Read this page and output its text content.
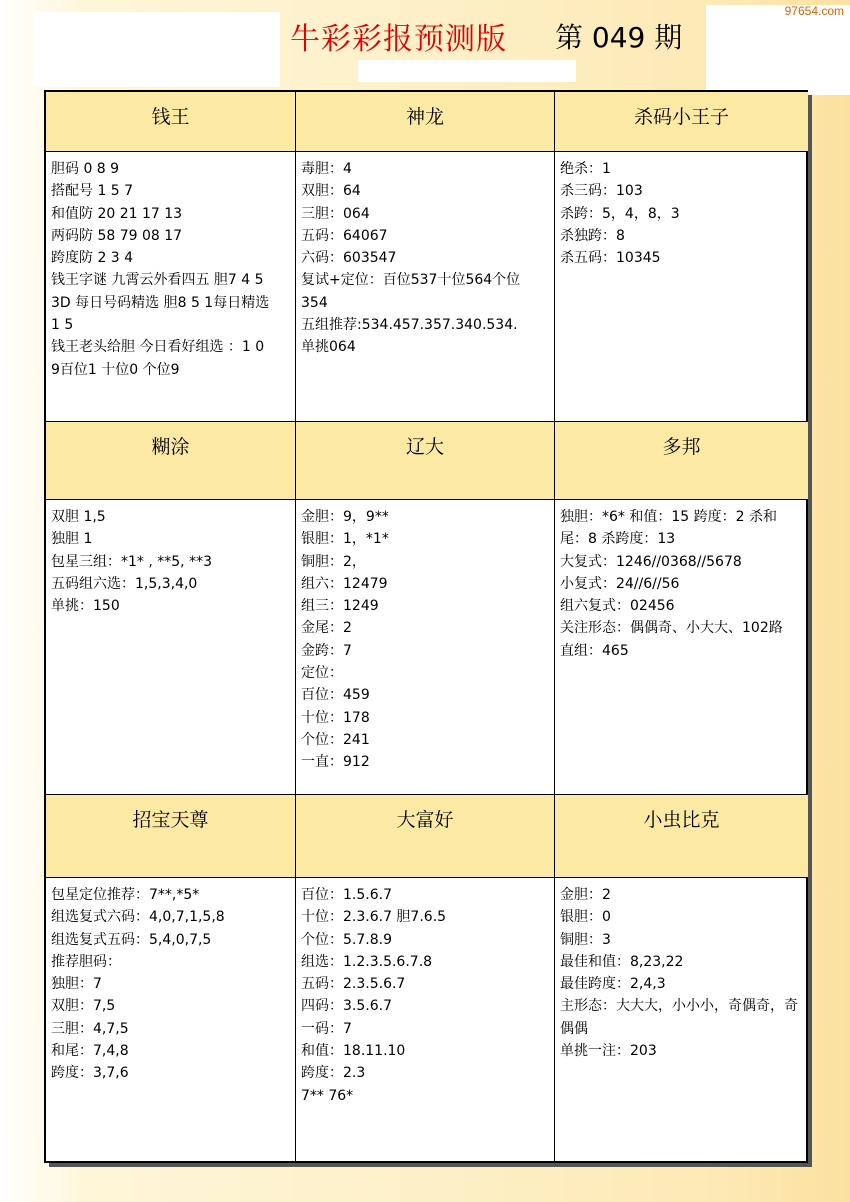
牛彩彩报预测版 第 049 期
97654.com
钱王
胆码 0 8 9
搭配号 1 5 7
和值防 20 21 17 13
两码防 58 79 08 17
跨度防 2 3 4
钱王字谜 九霄云外看四五 胆7 4 5
3D 每日号码精选 胆8 5 1每日精选
1 5
钱王老头给胆 今日看好组选 ：1 0
9百位1 十位0 个位9
神龙
毒胆：4
双胆：64
三胆：064
五码：64067
六码：603547
复试+定位：百位537十位564个位
354
五组推荐:534.457.357.340.534.
单挑064
杀码小王子
绝杀：1
杀三码：103
杀跨：5，4，8，3
杀独跨：8
杀五码：10345
糊涂
双胆 1,5
独胆 1
包星三组：*1* , **5, **3
五码组六选：1,5,3,4,0
单挑：150
辽大
金胆：9，9**
银胆：1，*1*
铜胆：2，
组六：12479
组三：1249
金尾：2
金跨：7
定位：
百位：459
十位：178
个位：241
一直：912
多邦
独胆：*6* 和值：15 跨度：2 杀和
尾：8 杀跨度：13
大复式：1246//0368//5678
小复式：24//6//56
组六复式：02456
关注形态：偶偶奇、小大大、102路
直组：465
招宝天尊
包星定位推荐：7**,*5*
组选复式六码：4,0,7,1,5,8
组选复式五码：5,4,0,7,5
推荐胆码：
独胆：7
双胆：7,5
三胆：4,7,5
和尾：7,4,8
跨度：3,7,6
大富好
百位：1.5.6.7
十位：2.3.6.7 胆7.6.5
个位：5.7.8.9
组选：1.2.3.5.6.7.8
五码：2.3.5.6.7
四码：3.5.6.7
一码：7
和值：18.11.10
跨度：2.3
7** 76*
小虫比克
金胆：2
银胆：0
铜胆：3
最佳和值：8,23,22
最佳跨度：2,4,3
主形态：大大大，小小小，奇偶奇，奇
偶偶
单挑一注：203
